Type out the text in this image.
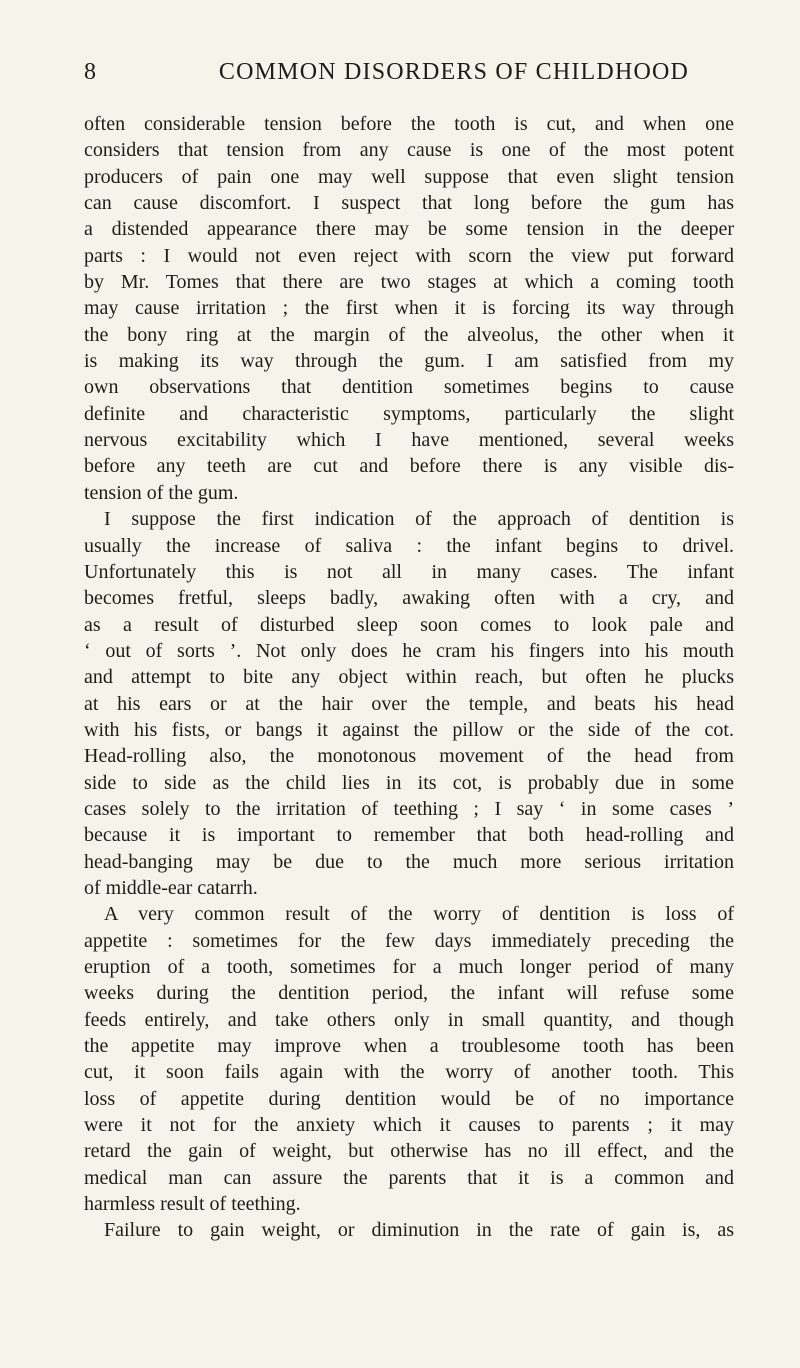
8	COMMON DISORDERS OF CHILDHOOD
often considerable tension before the tooth is cut, and when one
considers that tension from any cause is one of the most potent
producers of pain one may well suppose that even slight tension
can cause discomfort. I suspect that long before the gum has
a distended appearance there may be some tension in the deeper
parts : I would not even reject with scorn the view put forward
by Mr. Tomes that there are two stages at which a coming tooth
may cause irritation ; the first when it is forcing its way through
the bony ring at the margin of the alveolus, the other when it
is making its way through the gum. I am satisfied from my
own observations that dentition sometimes begins to cause
definite and characteristic symptoms, particularly the slight
nervous excitability which I have mentioned, several weeks
before any teeth are cut and before there is any visible dis-
tension of the gum.
I suppose the first indication of the approach of dentition is
usually the increase of saliva : the infant begins to drivel.
Unfortunately this is not all in many cases. The infant
becomes fretful, sleeps badly, awaking often with a cry, and
as a result of disturbed sleep soon comes to look pale and
‘ out of sorts ’. Not only does he cram his fingers into his mouth
and attempt to bite any object within reach, but often he plucks
at his ears or at the hair over the temple, and beats his head
with his fists, or bangs it against the pillow or the side of the cot.
Head-rolling also, the monotonous movement of the head from
side to side as the child lies in its cot, is probably due in some
cases solely to the irritation of teething ; I say ‘ in some cases ’
because it is important to remember that both head-rolling and
head-banging may be due to the much more serious irritation
of middle-ear catarrh.
A very common result of the worry of dentition is loss of
appetite : sometimes for the few days immediately preceding the
eruption of a tooth, sometimes for a much longer period of many
weeks during the dentition period, the infant will refuse some
feeds entirely, and take others only in small quantity, and though
the appetite may improve when a troublesome tooth has been
cut, it soon fails again with the worry of another tooth. This
loss of appetite during dentition would be of no importance
were it not for the anxiety which it causes to parents ; it may
retard the gain of weight, but otherwise has no ill effect, and the
medical man can assure the parents that it is a common and
harmless result of teething.
Failure to gain weight, or diminution in the rate of gain is, as
